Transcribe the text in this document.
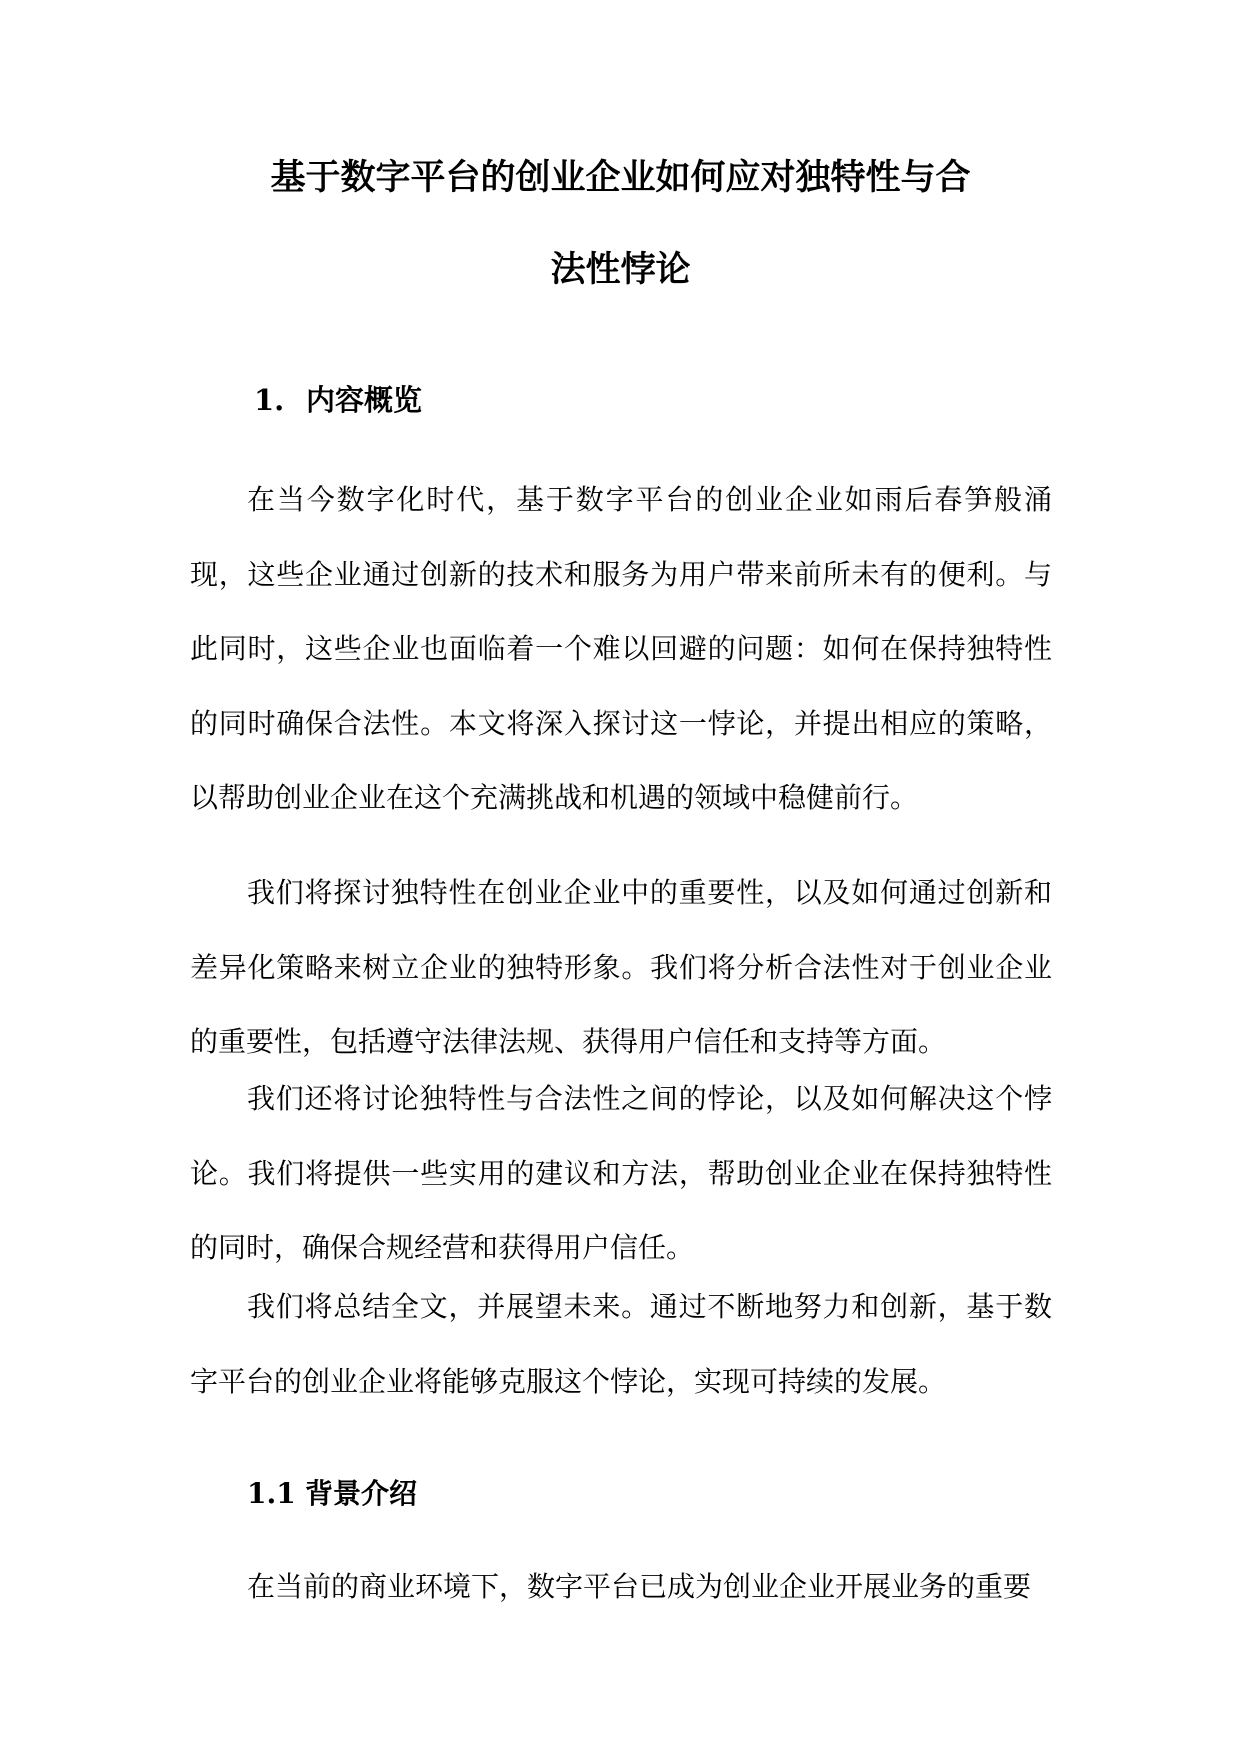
基于数字平台的创业企业如何应对独特性与合
法性悖论
1. 内容概览

在当今数字化时代，基于数字平台的创业企业如雨后春笋般涌现，这些企业通过创新的技术和服务为用户带来前所未有的便利。与此同时，这些企业也面临着一个难以回避的问题：如何在保持独特性的同时确保合法性。本文将深入探讨这一悖论，并提出相应的策略，以帮助创业企业在这个充满挑战和机遇的领域中稳健前行。

我们将探讨独特性在创业企业中的重要性，以及如何通过创新和差异化策略来树立企业的独特形象。我们将分析合法性对于创业企业的重要性，包括遵守法律法规、获得用户信任和支持等方面。

我们还将讨论独特性与合法性之间的悖论，以及如何解决这个悖论。我们将提供一些实用的建议和方法，帮助创业企业在保持独特性的同时，确保合规经营和获得用户信任。

我们将总结全文，并展望未来。通过不断地努力和创新，基于数字平台的创业企业将能够克服这个悖论，实现可持续的发展。

1.1 背景介绍

在当前的商业环境下，数字平台已成为创业企业开展业务的重要
